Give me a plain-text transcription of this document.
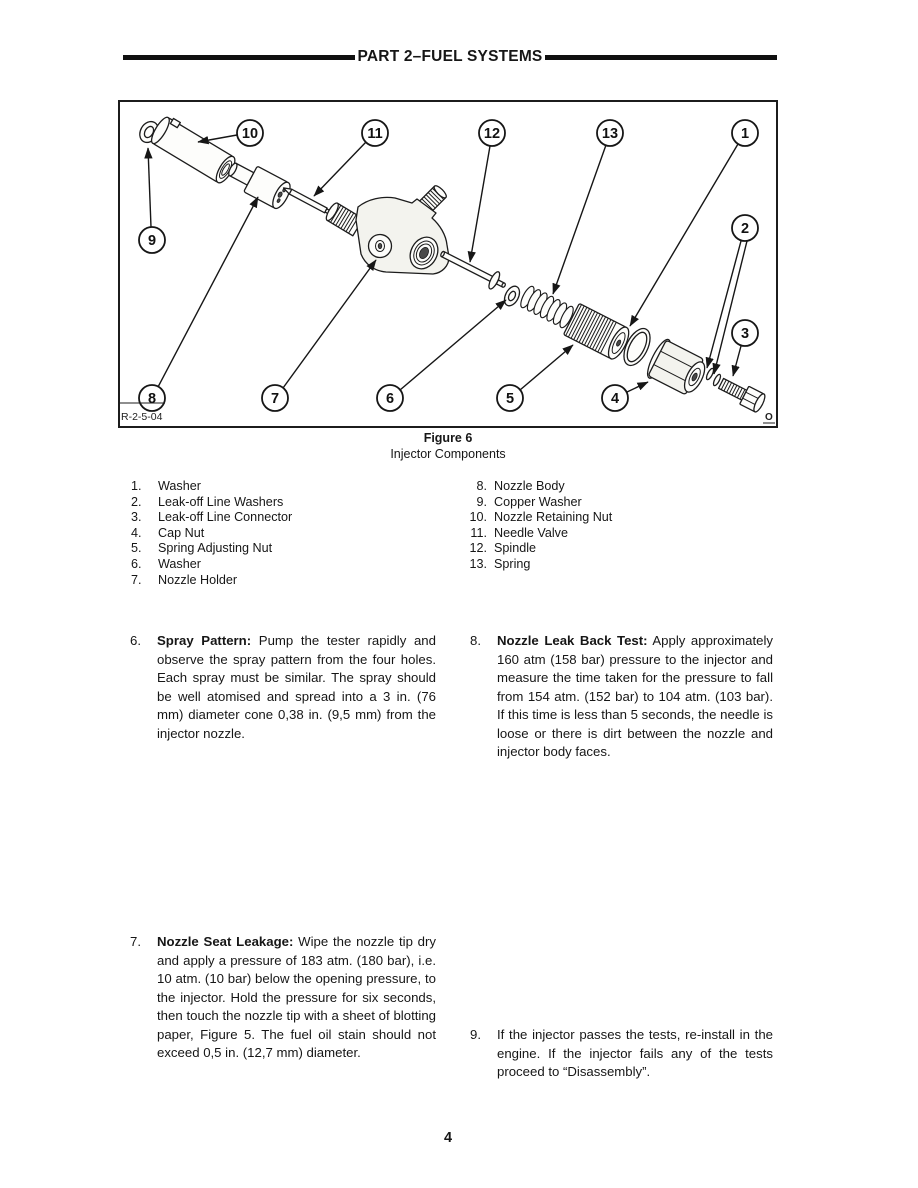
PART 2–FUEL SYSTEMS
1
2
3
4
5
6
7
8
9
10	11	12	13
R-2-5-04	O
Figure 6
Injector Components
1.	Washer
2.	Leak-off Line Washers
3.	Leak-off Line Connector
4.	Cap Nut
5.	Spring Adjusting Nut
6.	Washer
7.	Nozzle Holder
8. Nozzle Body
9. Copper Washer
10. Nozzle Retaining Nut
11. Needle Valve
12. Spindle
13. Spring
6.	Spray Pattern: Pump the tester rapidly and observe the spray pattern from the four holes. Each spray must be similar. The spray should be well atomised and spread into a 3 in. (76 mm) diameter cone 0,38 in. (9,5 mm) from the injector nozzle.
8.	Nozzle Leak Back Test: Apply approximately 160 atm (158 bar) pressure to the injector and measure the time taken for the pressure to fall from 154 atm. (152 bar) to 104 atm. (103 bar). If this time is less than 5 seconds, the needle is loose or there is dirt between the nozzle and injector body faces.
7.	Nozzle Seat Leakage: Wipe the nozzle tip dry and apply a pressure of 183 atm. (180 bar), i.e. 10 atm. (10 bar) below the opening pressure, to the injector. Hold the pressure for six seconds, then touch the nozzle tip with a sheet of blotting paper, Figure 5. The fuel oil stain should not exceed 0,5 in. (12,7 mm) diameter.
9.	If the injector passes the tests, re-install in the engine. If the injector fails any of the tests proceed to “Disassembly”.
4
